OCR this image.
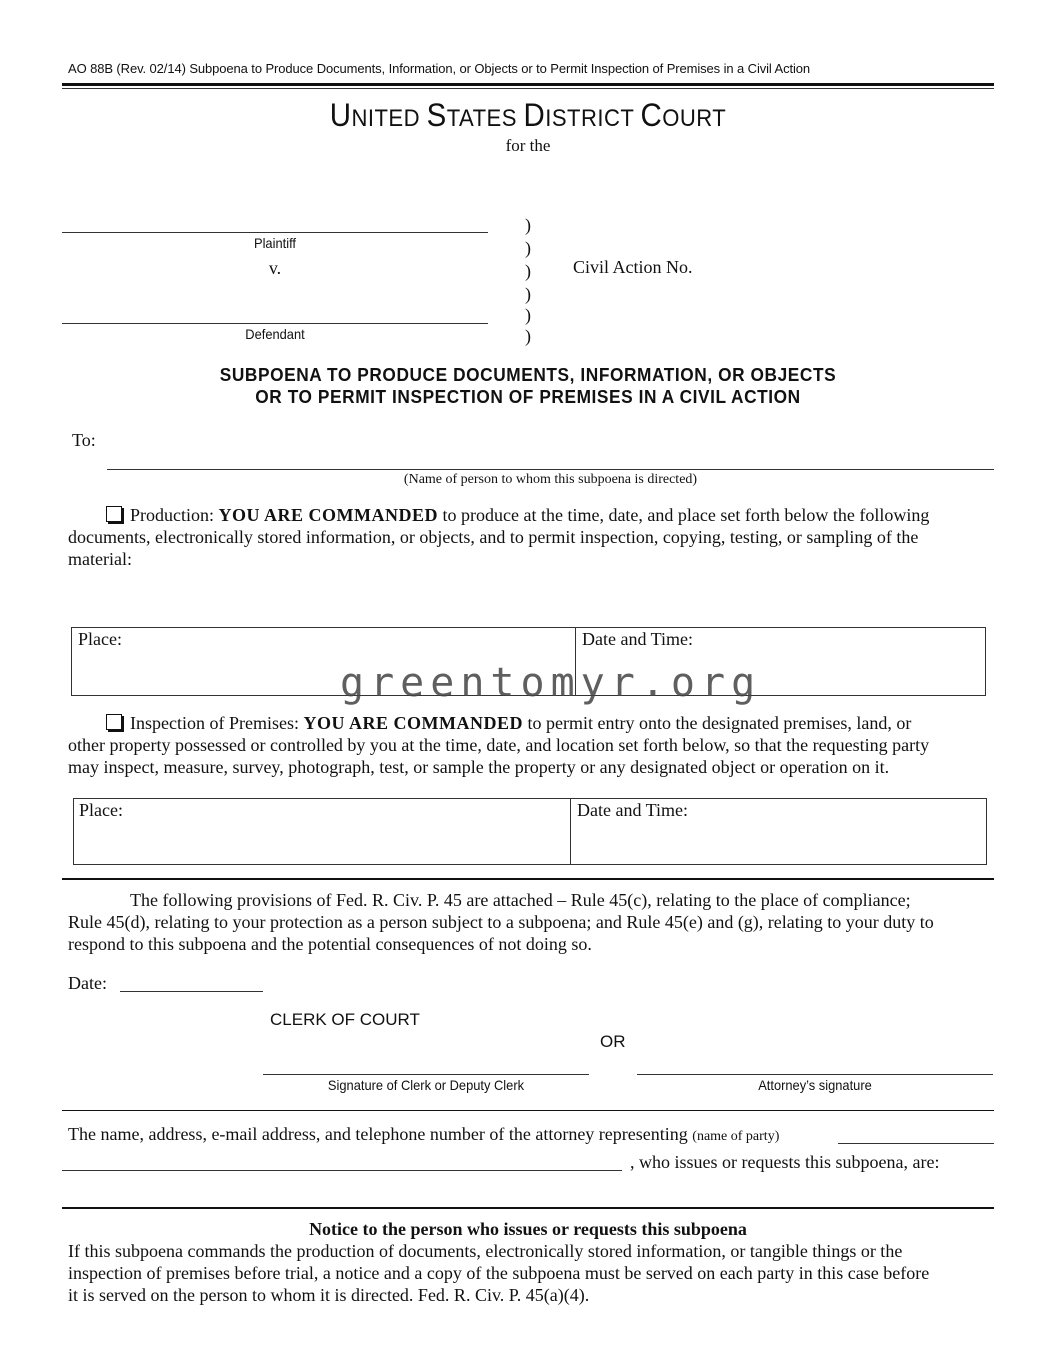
AO 88B (Rev. 02/14) Subpoena to Produce Documents, Information, or Objects or to Permit Inspection of Premises in a Civil Action
UNITED STATES DISTRICT COURT
for the
Plaintiff
v.
Defendant
)
)
)
)
)
)
Civil Action No.
SUBPOENA TO PRODUCE DOCUMENTS, INFORMATION, OR OBJECTS
OR TO PERMIT INSPECTION OF PREMISES IN A CIVIL ACTION
To:
(Name of person to whom this subpoena is directed)
Production: YOU ARE COMMANDED to produce at the time, date, and place set forth below the following
documents, electronically stored information, or objects, and to permit inspection, copying, testing, or sampling of the
material:
Place:	Date and Time:
greentomyr.org
Inspection of Premises: YOU ARE COMMANDED to permit entry onto the designated premises, land, or
other property possessed or controlled by you at the time, date, and location set forth below, so that the requesting party
may inspect, measure, survey, photograph, test, or sample the property or any designated object or operation on it.
Place:	Date and Time:
The following provisions of Fed. R. Civ. P. 45 are attached – Rule 45(c), relating to the place of compliance;
Rule 45(d), relating to your protection as a person subject to a subpoena; and Rule 45(e) and (g), relating to your duty to
respond to this subpoena and the potential consequences of not doing so.
Date:
CLERK OF COURT
OR
Signature of Clerk or Deputy Clerk	Attorney’s signature
The name, address, e-mail address, and telephone number of the attorney representing (name of party)
, who issues or requests this subpoena, are:
Notice to the person who issues or requests this subpoena
If this subpoena commands the production of documents, electronically stored information, or tangible things or the
inspection of premises before trial, a notice and a copy of the subpoena must be served on each party in this case before
it is served on the person to whom it is directed. Fed. R. Civ. P. 45(a)(4).
